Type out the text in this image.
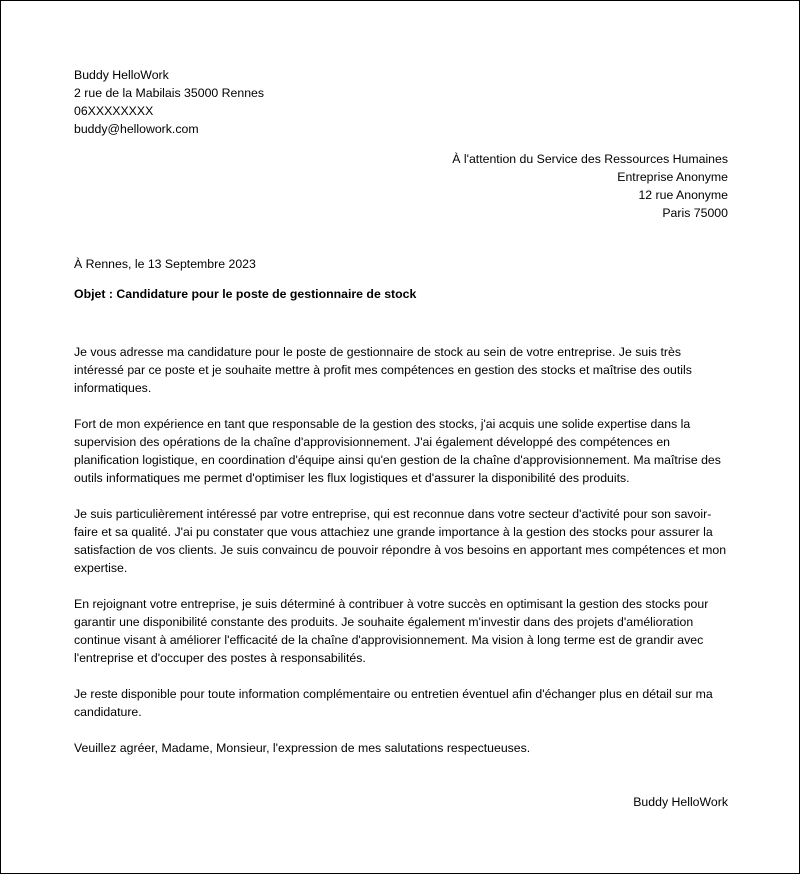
Buddy HelloWork
2 rue de la Mabilais 35000 Rennes
06XXXXXXXX
buddy@hellowork.com
À l'attention du Service des Ressources Humaines
Entreprise Anonyme
12 rue Anonyme
Paris 75000
À Rennes, le 13 Septembre 2023
Objet : Candidature pour le poste de gestionnaire de stock

Je vous adresse ma candidature pour le poste de gestionnaire de stock au sein de votre entreprise. Je suis très intéressé par ce poste et je souhaite mettre à profit mes compétences en gestion des stocks et maîtrise des outils informatiques.

Fort de mon expérience en tant que responsable de la gestion des stocks, j'ai acquis une solide expertise dans la supervision des opérations de la chaîne d'approvisionnement. J'ai également développé des compétences en planification logistique, en coordination d'équipe ainsi qu'en gestion de la chaîne d'approvisionnement. Ma maîtrise des outils informatiques me permet d'optimiser les flux logistiques et d'assurer la disponibilité des produits.

Je suis particulièrement intéressé par votre entreprise, qui est reconnue dans votre secteur d'activité pour son savoir-faire et sa qualité. J'ai pu constater que vous attachiez une grande importance à la gestion des stocks pour assurer la satisfaction de vos clients. Je suis convaincu de pouvoir répondre à vos besoins en apportant mes compétences et mon expertise.

En rejoignant votre entreprise, je suis déterminé à contribuer à votre succès en optimisant la gestion des stocks pour garantir une disponibilité constante des produits. Je souhaite également m'investir dans des projets d'amélioration continue visant à améliorer l'efficacité de la chaîne d'approvisionnement. Ma vision à long terme est de grandir avec l'entreprise et d'occuper des postes à responsabilités.

Je reste disponible pour toute information complémentaire ou entretien éventuel afin d'échanger plus en détail sur ma candidature.

Veuillez agréer, Madame, Monsieur, l'expression de mes salutations respectueuses.

Buddy HelloWork
